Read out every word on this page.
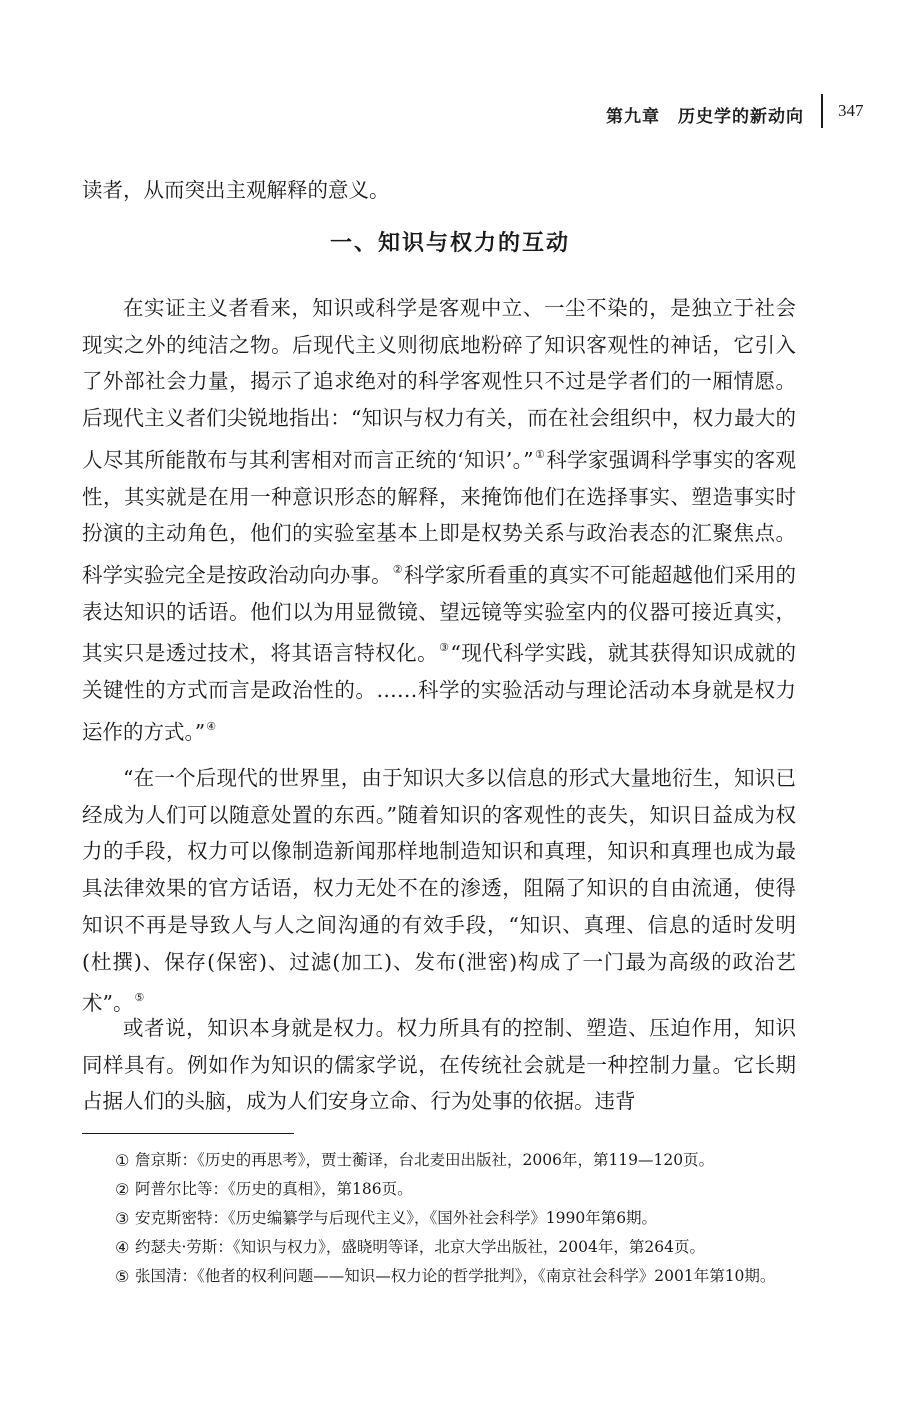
第九章　历史学的新动向 347
读者，从而突出主观解释的意义。
一、知识与权力的互动

在实证主义者看来，知识或科学是客观中立、一尘不染的，是独立于社会现实之外的纯洁之物。后现代主义则彻底地粉碎了知识客观性的神话，它引入了外部社会力量，揭示了追求绝对的科学客观性只不过是学者们的一厢情愿。后现代主义者们尖锐地指出：“知识与权力有关，而在社会组织中，权力最大的人尽其所能散布与其利害相对而言正统的‘知识’。”①科学家强调科学事实的客观性，其实就是在用一种意识形态的解释，来掩饰他们在选择事实、塑造事实时扮演的主动角色，他们的实验室基本上即是权势关系与政治表态的汇聚焦点。科学实验完全是按政治动向办事。②科学家所看重的真实不可能超越他们采用的表达知识的话语。他们以为用显微镜、望远镜等实验室内的仪器可接近真实，其实只是透过技术，将其语言特权化。③“现代科学实践，就其获得知识成就的关键性的方式而言是政治性的。……科学的实验活动与理论活动本身就是权力运作的方式。”④

“在一个后现代的世界里，由于知识大多以信息的形式大量地衍生，知识已经成为人们可以随意处置的东西。”随着知识的客观性的丧失，知识日益成为权力的手段，权力可以像制造新闻那样地制造知识和真理，知识和真理也成为最具法律效果的官方话语，权力无处不在的渗透，阻隔了知识的自由流通，使得知识不再是导致人与人之间沟通的有效手段，“知识、真理、信息的适时发明(杜撰)、保存(保密)、过滤(加工)、发布(泄密)构成了一门最为高级的政治艺术”。⑤

或者说，知识本身就是权力。权力所具有的控制、塑造、压迫作用，知识同样具有。例如作为知识的儒家学说，在传统社会就是一种控制力量。它长期占据人们的头脑，成为人们安身立命、行为处事的依据。违背

① 詹京斯：《历史的再思考》，贾士蘅译，台北麦田出版社，2006年，第119—120页。
② 阿普尔比等：《历史的真相》，第186页。
③ 安克斯密特：《历史编纂学与后现代主义》，《国外社会科学》1990年第6期。
④ 约瑟夫·劳斯：《知识与权力》，盛晓明等译，北京大学出版社，2004年，第264页。
⑤ 张国清：《他者的权利问题——知识—权力论的哲学批判》，《南京社会科学》2001年第10期。
